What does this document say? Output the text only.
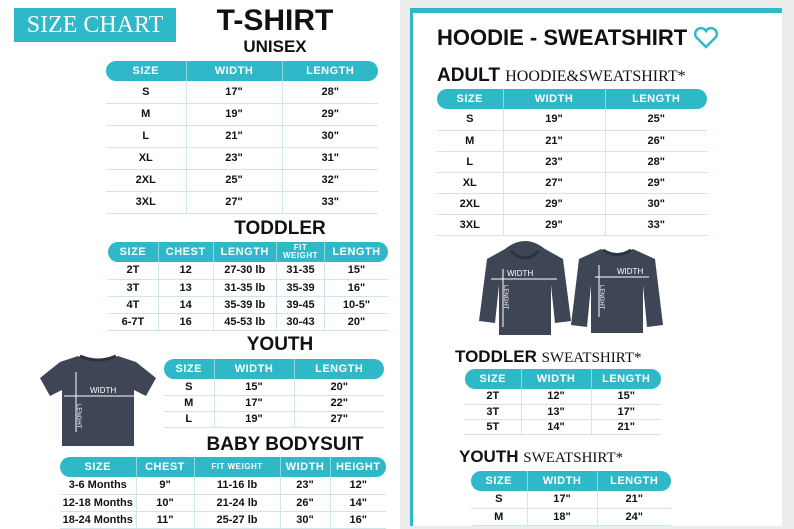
SIZE CHART	T-SHIRT
UNISEX
SIZE	WIDTH	LENGTH
S	17"	28"
M	19"	29"
L	21"	30"
XL	23"	31"
2XL	25"	32"
3XL	27"	33"
TODDLER
SIZE	CHEST	LENGTH	FIT WEIGHT	LENGTH
2T	12	27-30 lb	31-35	15"
3T	13	31-35 lb	35-39	16"
4T	14	35-39 lb	39-45	10-5"
6-7T	16	45-53 lb	30-43	20"
WIDTH
LENGHT
YOUTH
SIZE	WIDTH	LENGTH
S	15"	20"
M	17"	22"
L	19"	27"
BABY BODYSUIT
SIZE	CHEST	FIT WEIGHT	WIDTH	HEIGHT
3-6 Months	9"	11-16 lb	23"	12"
12-18 Months	10"	21-24 lb	26"	14"
18-24 Months	11"	25-27 lb	30"	16"
HOODIE - SWEATSHIRT
ADULT HOODIE&SWEATSHIRT*
SIZE	WIDTH	LENGTH
S	19"	25"
M	21"	26"
L	23"	28"
XL	27"	29"
2XL	29"	30"
3XL	29"	33"
WIDTH
LENGHT
WIDTH
LENGHT
TODDLER SWEATSHIRT*
SIZE	WIDTH	LENGTH
2T	12"	15"
3T	13"	17"
5T	14"	21"
YOUTH SWEATSHIRT*
SIZE	WIDTH	LENGTH
S	17"	21"
M	18"	24"
